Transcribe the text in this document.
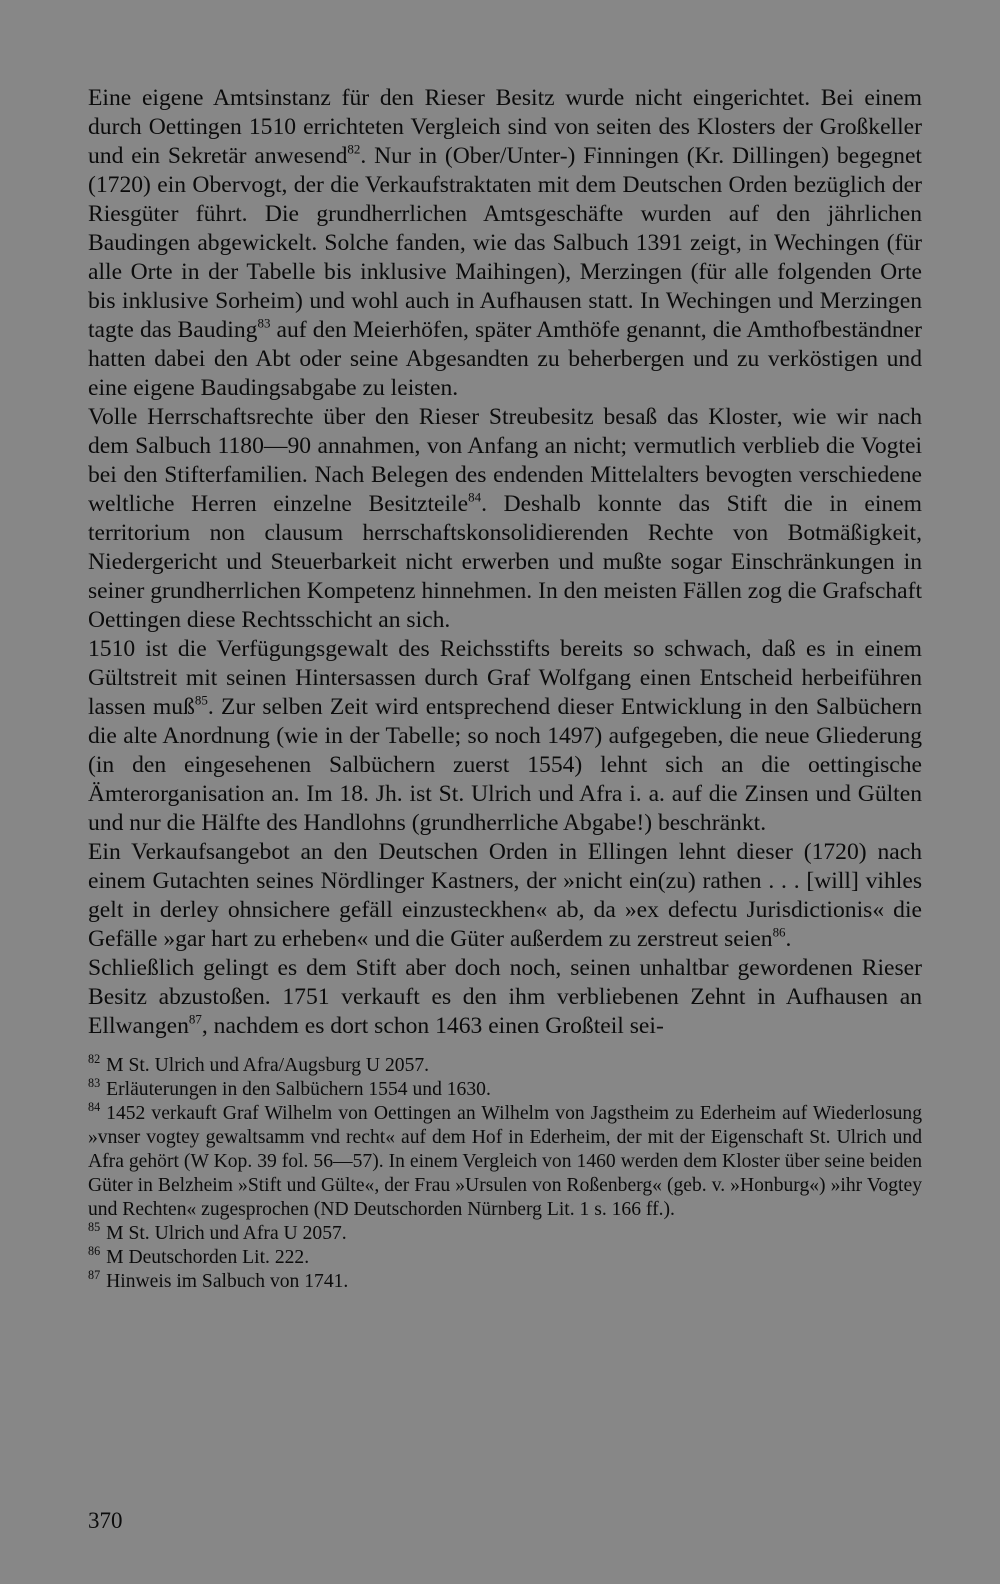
Eine eigene Amtsinstanz für den Rieser Besitz wurde nicht eingerichtet. Bei einem durch Oettingen 1510 errichteten Vergleich sind von seiten des Klosters der Großkeller und ein Sekretär anwesend$^{82}$. Nur in (Ober/Unter-) Finningen (Kr. Dillingen) begegnet (1720) ein Obervogt, der die Verkaufstraktaten mit dem Deutschen Orden bezüglich der Riesgüter führt. Die grundherrlichen Amtsgeschäfte wurden auf den jährlichen Baudingen abgewickelt. Solche fanden, wie das Salbuch 1391 zeigt, in Wechingen (für alle Orte in der Tabelle bis inklusive Maihingen), Merzingen (für alle folgenden Orte bis inklusive Sorheim) und wohl auch in Aufhausen statt. In Wechingen und Merzingen tagte das Bauding$^{83}$ auf den Meierhöfen, später Amthöfe genannt, die Amthofbeständner hatten dabei den Abt oder seine Abgesandten zu beherbergen und zu verköstigen und eine eigene Baudingsabgabe zu leisten.

Volle Herrschaftsrechte über den Rieser Streubesitz besaß das Kloster, wie wir nach dem Salbuch 1180—90 annahmen, von Anfang an nicht; vermutlich verblieb die Vogtei bei den Stifterfamilien. Nach Belegen des endenden Mittelalters bevogten verschiedene weltliche Herren einzelne Besitzteile$^{84}$. Deshalb konnte das Stift die in einem territorium non clausum herrschaftskonsolidierenden Rechte von Botmäßigkeit, Niedergericht und Steuerbarkeit nicht erwerben und mußte sogar Einschränkungen in seiner grundherrlichen Kompetenz hinnehmen. In den meisten Fällen zog die Grafschaft Oettingen diese Rechtsschicht an sich.

1510 ist die Verfügungsgewalt des Reichsstifts bereits so schwach, daß es in einem Gültstreit mit seinen Hintersassen durch Graf Wolfgang einen Entscheid herbeiführen lassen muß$^{85}$. Zur selben Zeit wird entsprechend dieser Entwicklung in den Salbüchern die alte Anordnung (wie in der Tabelle; so noch 1497) aufgegeben, die neue Gliederung (in den eingesehenen Salbüchern zuerst 1554) lehnt sich an die oettingische Ämterorganisation an. Im 18. Jh. ist St. Ulrich und Afra i. a. auf die Zinsen und Gülten und nur die Hälfte des Handlohns (grundherrliche Abgabe!) beschränkt.

Ein Verkaufsangebot an den Deutschen Orden in Ellingen lehnt dieser (1720) nach einem Gutachten seines Nördlinger Kastners, der »nicht ein(zu) rathen . . . [will] vihles gelt in derley ohnsichere gefäll einzusteckhen« ab, da »ex defectu Jurisdictionis« die Gefälle »gar hart zu erheben« und die Güter außerdem zu zerstreut seien$^{86}$.

Schließlich gelingt es dem Stift aber doch noch, seinen unhaltbar gewordenen Rieser Besitz abzustoßen. 1751 verkauft es den ihm verbliebenen Zehnt in Aufhausen an Ellwangen$^{87}$, nachdem es dort schon 1463 einen Großteil sei-

$^{82}$ M St. Ulrich und Afra/Augsburg U 2057.
$^{83}$ Erläuterungen in den Salbüchern 1554 und 1630.
$^{84}$ 1452 verkauft Graf Wilhelm von Oettingen an Wilhelm von Jagstheim zu Ederheim auf Wiederlosung »vnser vogtey gewaltsamm vnd recht« auf dem Hof in Ederheim, der mit der Eigenschaft St. Ulrich und Afra gehört (W Kop. 39 fol. 56—57). In einem Vergleich von 1460 werden dem Kloster über seine beiden Güter in Belzheim »Stift und Gülte«, der Frau »Ursulen von Roßenberg« (geb. v. »Honburg«) »ihr Vogtey und Rechten« zugesprochen (ND Deutschorden Nürnberg Lit. 1 s. 166 ff.).
$^{85}$ M St. Ulrich und Afra U 2057.
$^{86}$ M Deutschorden Lit. 222.
$^{87}$ Hinweis im Salbuch von 1741.
370
